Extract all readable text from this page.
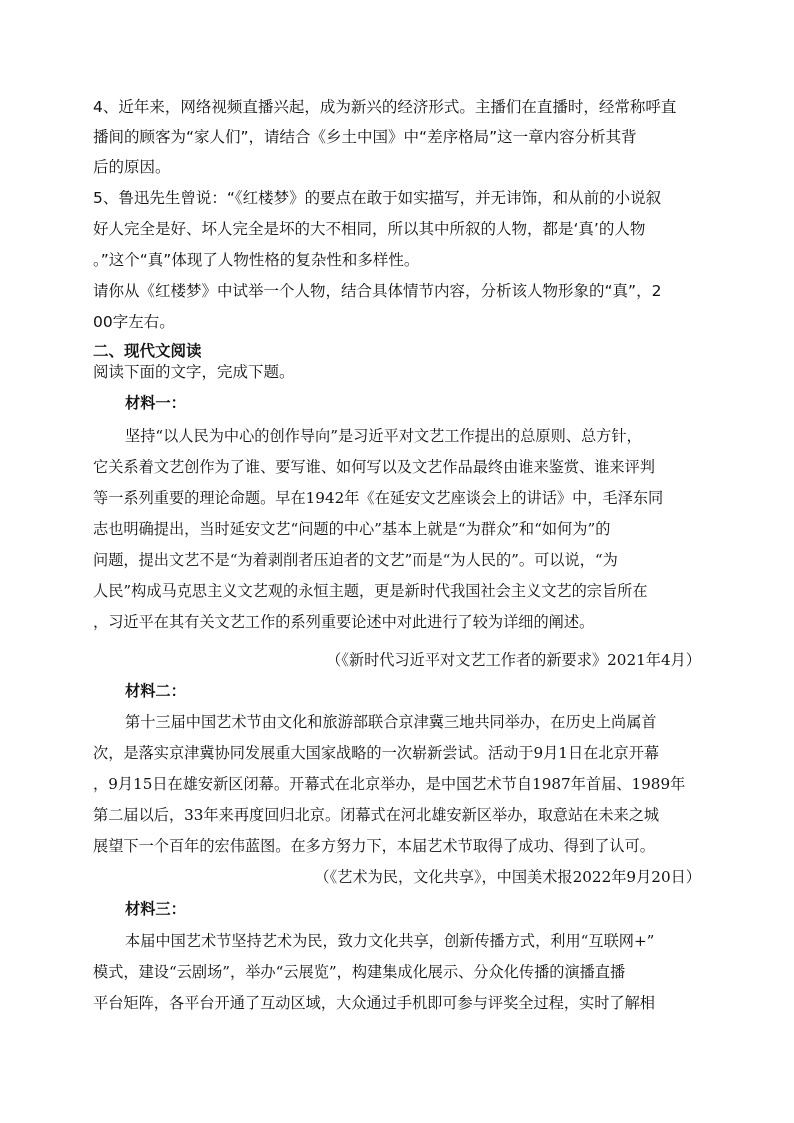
4、近年来，网络视频直播兴起，成为新兴的经济形式。主播们在直播时，经常称呼直
播间的顾客为“家人们”，请结合《乡土中国》中“差序格局”这一章内容分析其背
后的原因。
5、鲁迅先生曾说：“《红楼梦》的要点在敢于如实描写，并无讳饰，和从前的小说叙
好人完全是好、坏人完全是坏的大不相同，所以其中所叙的人物，都是‘真’的人物
。”这个“真”体现了人物性格的复杂性和多样性。
请你从《红楼梦》中试举一个人物，结合具体情节内容，分析该人物形象的“真”，2
00字左右。
二、现代文阅读
阅读下面的文字，完成下题。
材料一：
坚持“以人民为中心的创作导向”是习近平对文艺工作提出的总原则、总方针，
它关系着文艺创作为了谁、要写谁、如何写以及文艺作品最终由谁来鉴赏、谁来评判
等一系列重要的理论命题。早在1942年《在延安文艺座谈会上的讲话》中，毛泽东同
志也明确提出，当时延安文艺“问题的中心”基本上就是“为群众”和“如何为”的
问题，提出文艺不是“为着剥削者压迫者的文艺”而是“为人民的”。可以说，“为
人民”构成马克思主义文艺观的永恒主题，更是新时代我国社会主义文艺的宗旨所在
，习近平在其有关文艺工作的系列重要论述中对此进行了较为详细的阐述。
（《新时代习近平对文艺工作者的新要求》2021年4月）
材料二：
第十三届中国艺术节由文化和旅游部联合京津冀三地共同举办，在历史上尚属首
次，是落实京津冀协同发展重大国家战略的一次崭新尝试。活动于9月1日在北京开幕
，9月15日在雄安新区闭幕。开幕式在北京举办，是中国艺术节自1987年首届、1989年
第二届以后，33年来再度回归北京。闭幕式在河北雄安新区举办，取意站在未来之城
展望下一个百年的宏伟蓝图。在多方努力下，本届艺术节取得了成功、得到了认可。
（《艺术为民，文化共享》，中国美术报2022年9月20日）
材料三：
本届中国艺术节坚持艺术为民，致力文化共享，创新传播方式，利用“互联网+”
模式，建设“云剧场”，举办“云展览”，构建集成化展示、分众化传播的演播直播
平台矩阵，各平台开通了互动区域，大众通过手机即可参与评奖全过程，实时了解相
